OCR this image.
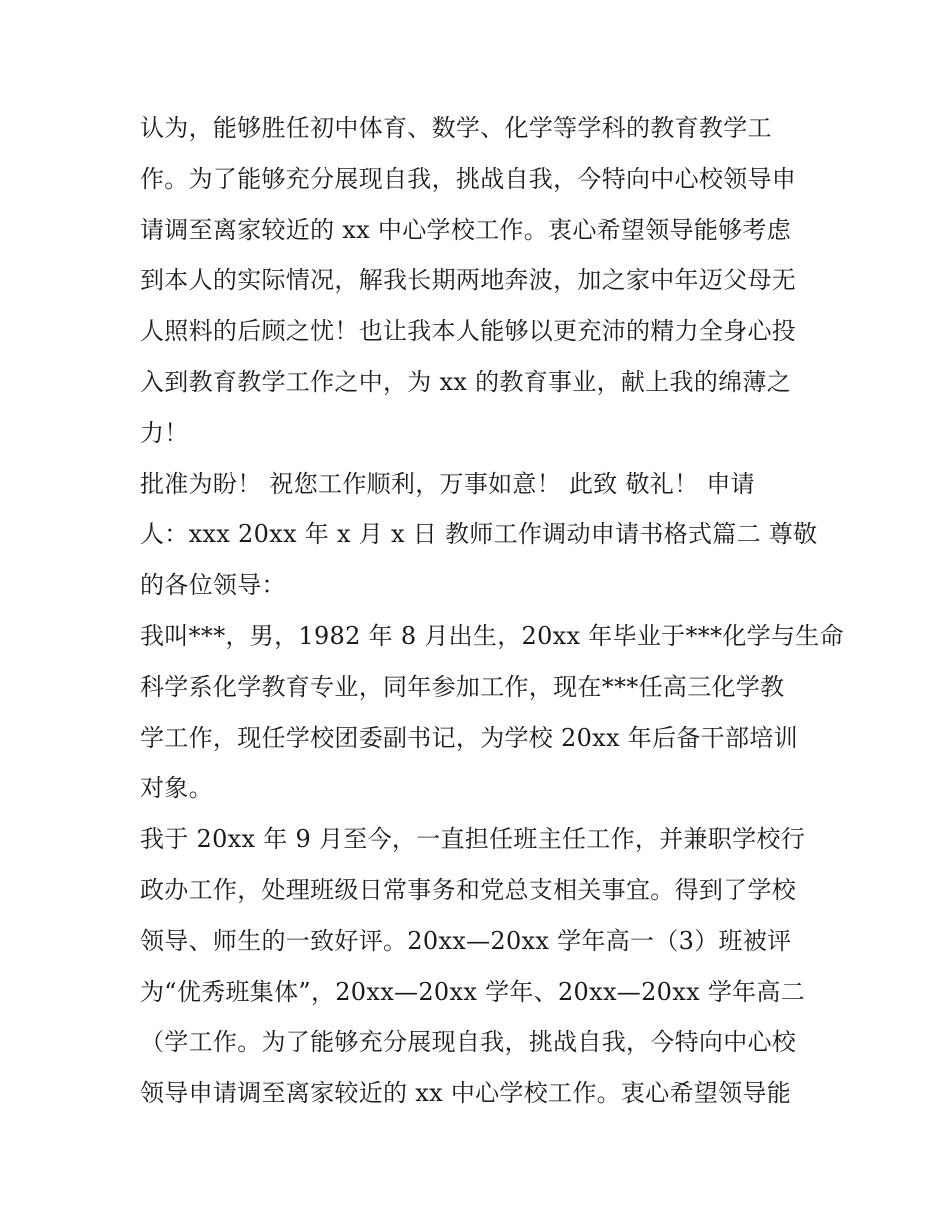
认为，能够胜任初中体育、数学、化学等学科的教育教学工
作。为了能够充分展现自我，挑战自我，今特向中心校领导申
请调至离家较近的 xx 中心学校工作。衷心希望领导能够考虑
到本人的实际情况，解我长期两地奔波，加之家中年迈父母无
人照料的后顾之忧！也让我本人能够以更充沛的精力全身心投
入到教育教学工作之中，为 xx 的教育事业，献上我的绵薄之
力！
批准为盼！ 祝您工作顺利，万事如意！ 此致 敬礼！ 申请
人：xxx 20xx 年 x 月 x 日 教师工作调动申请书格式篇二 尊敬
的各位领导：
我叫***，男，1982 年 8 月出生，20xx 年毕业于***化学与生命
科学系化学教育专业，同年参加工作，现在***任高三化学教
学工作，现任学校团委副书记，为学校 20xx 年后备干部培训
对象。
我于 20xx 年 9 月至今，一直担任班主任工作，并兼职学校行
政办工作，处理班级日常事务和党总支相关事宜。得到了学校
领导、师生的一致好评。20xx—20xx 学年高一（3）班被评
为“优秀班集体”，20xx—20xx 学年、20xx—20xx 学年高二
（学工作。为了能够充分展现自我，挑战自我，今特向中心校
领导申请调至离家较近的 xx 中心学校工作。衷心希望领导能
